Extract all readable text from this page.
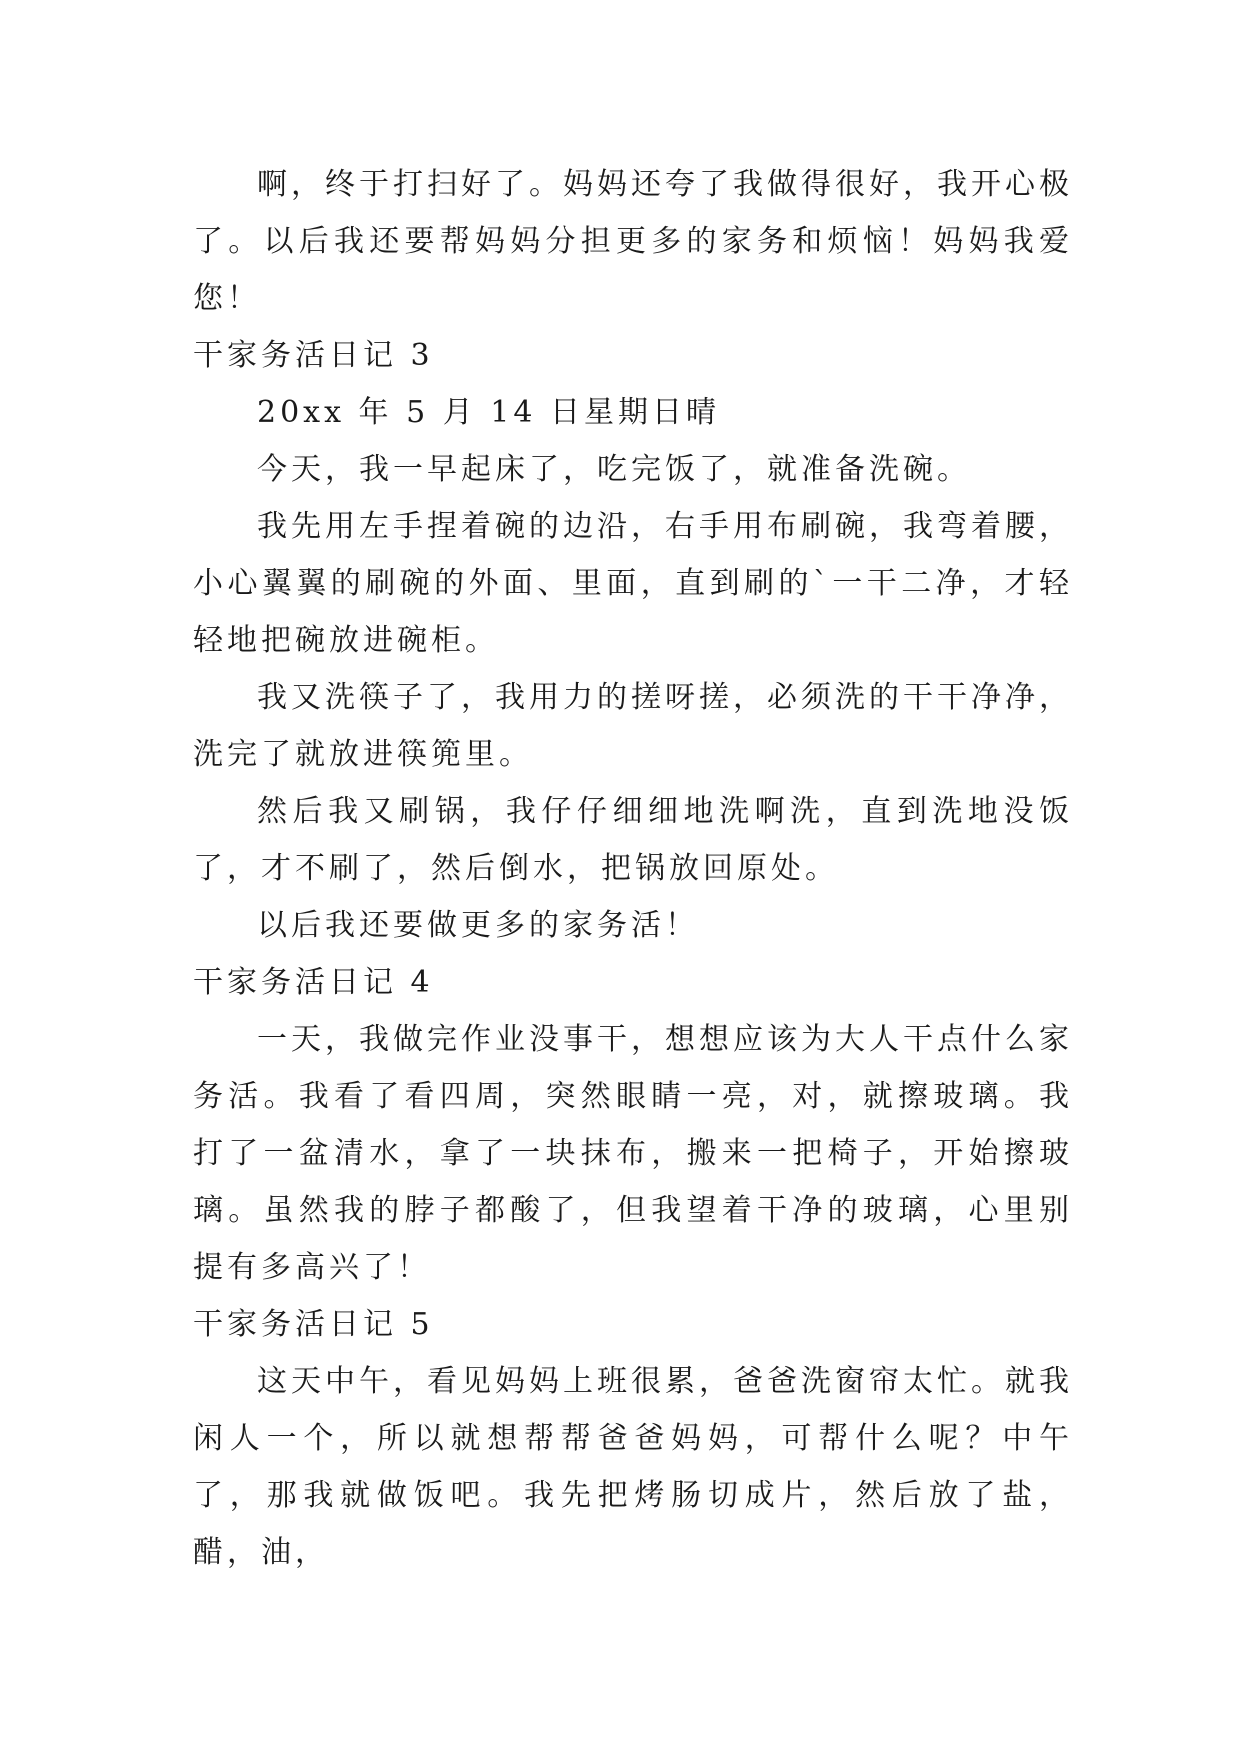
啊，终于打扫好了。妈妈还夸了我做得很好，我开心极了。以后我还要帮妈妈分担更多的家务和烦恼！妈妈我爱您！

干家务活日记 3

20xx 年 5 月 14 日星期日晴

今天，我一早起床了，吃完饭了，就准备洗碗。

我先用左手捏着碗的边沿，右手用布刷碗，我弯着腰，小心翼翼的刷碗的外面、里面，直到刷的`一干二净，才轻轻地把碗放进碗柜。

我又洗筷子了，我用力的搓呀搓，必须洗的干干净净，洗完了就放进筷篼里。

然后我又刷锅，我仔仔细细地洗啊洗，直到洗地没饭了，才不刷了，然后倒水，把锅放回原处。

以后我还要做更多的家务活！

干家务活日记 4

一天，我做完作业没事干，想想应该为大人干点什么家务活。我看了看四周，突然眼睛一亮，对，就擦玻璃。我打了一盆清水，拿了一块抹布，搬来一把椅子，开始擦玻璃。虽然我的脖子都酸了，但我望着干净的玻璃，心里别提有多高兴了！

干家务活日记 5

这天中午，看见妈妈上班很累，爸爸洗窗帘太忙。就我闲人一个，所以就想帮帮爸爸妈妈，可帮什么呢？中午了，那我就做饭吧。我先把烤肠切成片，然后放了盐，醋，油，
